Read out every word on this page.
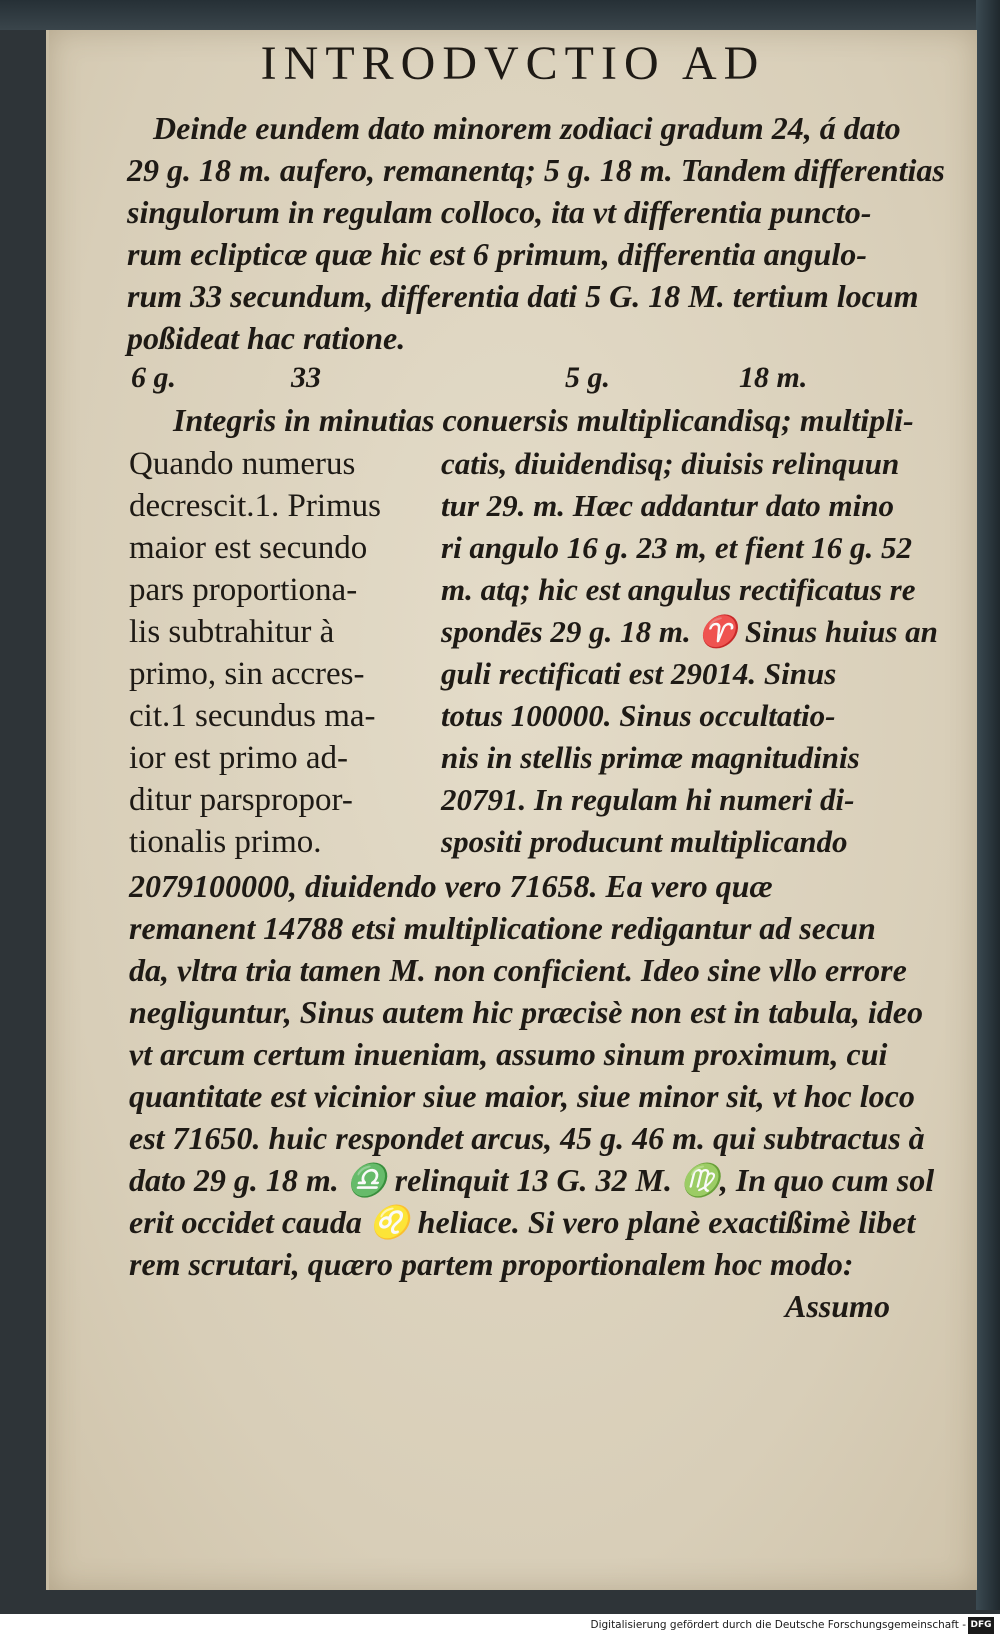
INTRODVCTIO AD
Deinde eundem dato minorem zodiaci gradum 24, á dato
29 g. 18 m. aufero, remanentq; 5 g. 18 m. Tandem differentias
singulorum in regulam colloco, ita vt differentia puncto-
rum eclipticæ quæ hic est 6 primum, differentia angulo-
rum 33 secundum, differentia dati 5 G. 18 M. tertium locum
poßideat hac ratione.
6 g.	33	5 g.	18 m.
Integris in minutias conuersis multiplicandisq; multipli-
Quando numerus
decrescit.1. Primus
maior est secundo
pars proportiona-
lis subtrahitur à
primo, sin accres-
cit.1 secundus ma-
ior est primo ad-
ditur parspropor-
tionalis primo.
catis, diuidendisq; diuisis relinquun
tur 29. m. Hæc addantur dato mino
ri angulo 16 g. 23 m, et fient 16 g. 52
m. atq; hic est angulus rectificatus re
spondēs 29 g. 18 m. ♈ Sinus huius an
guli rectificati est 29014. Sinus
totus 100000. Sinus occultatio-
nis in stellis primæ magnitudinis
20791. In regulam hi numeri di-
spositi producunt multiplicando
2079100000, diuidendo vero 71658. Ea vero quæ
remanent 14788 etsi multiplicatione redigantur ad secun
da, vltra tria tamen M. non conficient. Ideo sine vllo errore
negliguntur, Sinus autem hic præcisè non est in tabula, ideo
vt arcum certum inueniam, assumo sinum proximum, cui
quantitate est vicinior siue maior, siue minor sit, vt hoc loco
est 71650. huic respondet arcus, 45 g. 46 m. qui subtractus à
dato 29 g. 18 m. ♎ relinquit 13 G. 32 M. ♍, In quo cum sol
erit occidet cauda ♌ heliace. Si vero planè exactißimè libet
rem scrutari, quæro partem proportionalem hoc modo:
Assumo
Digitalisierung gefördert durch die Deutsche Forschungsgemeinschaft - DFG
